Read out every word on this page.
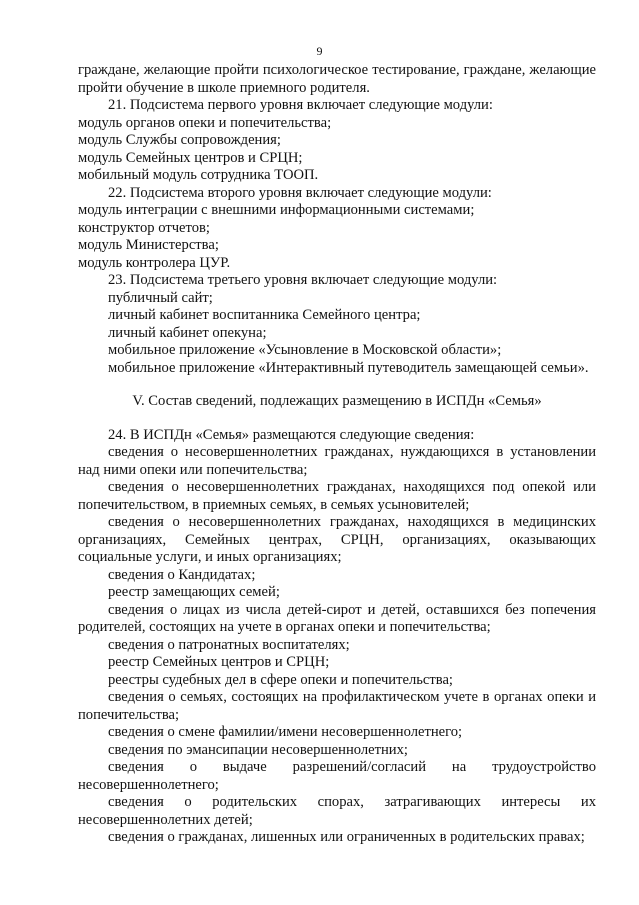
9

граждане, желающие пройти психологическое тестирование, граждане, желающие пройти обучение в школе приемного родителя.

21. Подсистема первого уровня включает следующие модули:

модуль органов опеки и попечительства;

модуль Службы сопровождения;

модуль Семейных центров и СРЦН;

мобильный модуль сотрудника ТООП.

22. Подсистема второго уровня включает следующие модули:

модуль интеграции с внешними информационными системами;

конструктор отчетов;

модуль Министерства;

модуль контролера ЦУР.

23. Подсистема третьего уровня включает следующие модули:

публичный сайт;

личный кабинет воспитанника Семейного центра;

личный кабинет опекуна;

мобильное приложение «Усыновление в Московской области»;

мобильное приложение «Интерактивный путеводитель замещающей семьи».

V. Состав сведений, подлежащих размещению в ИСПДн «Семья»

24. В ИСПДн «Семья» размещаются следующие сведения:

сведения о несовершеннолетних гражданах, нуждающихся в установлении над ними опеки или попечительства;

сведения о несовершеннолетних гражданах, находящихся под опекой или попечительством, в приемных семьях, в семьях усыновителей;

сведения о несовершеннолетних гражданах, находящихся в медицинских организациях, Семейных центрах, СРЦН, организациях, оказывающих социальные услуги, и иных организациях;

сведения о Кандидатах;

реестр замещающих семей;

сведения о лицах из числа детей-сирот и детей, оставшихся без попечения родителей, состоящих на учете в органах опеки и попечительства;

сведения о патронатных воспитателях;

реестр Семейных центров и СРЦН;

реестры судебных дел в сфере опеки и попечительства;

сведения о семьях, состоящих на профилактическом учете в органах опеки и попечительства;

сведения о смене фамилии/имени несовершеннолетнего;

сведения по эмансипации несовершеннолетних;

сведения о выдаче разрешений/согласий на трудоустройство несовершеннолетнего;

сведения о родительских спорах, затрагивающих интересы их несовершеннолетних детей;

сведения о гражданах, лишенных или ограниченных в родительских правах;
